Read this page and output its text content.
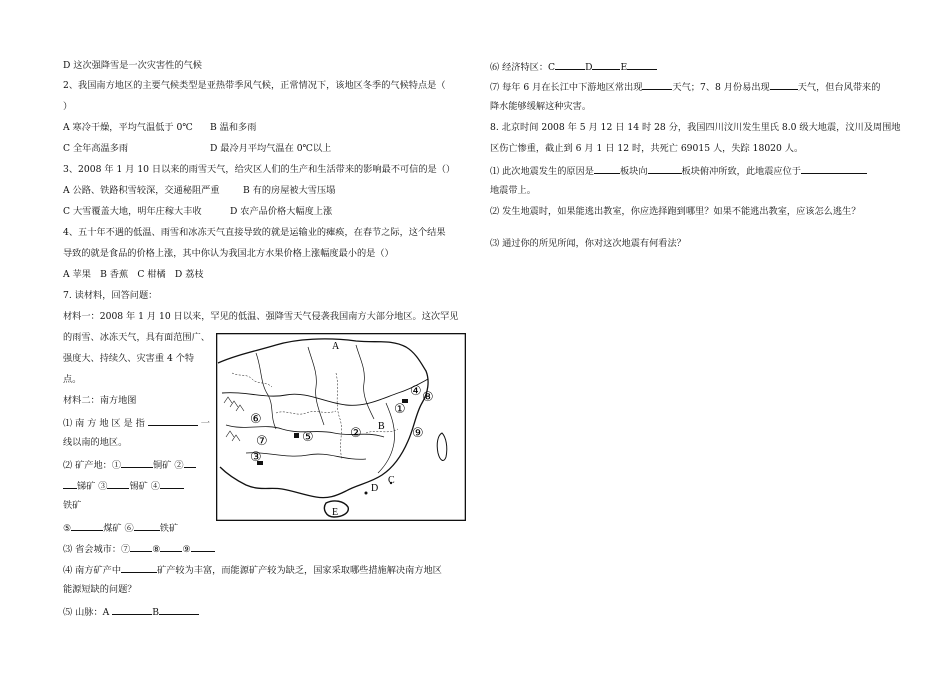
D 这次强降雪是一次灾害性的气候
2、我国南方地区的主要气候类型是亚热带季风气候，正常情况下，该地区冬季的气候特点是（
）
A 寒冷干燥，平均气温低于 0℃ B 温和多雨
C 全年高温多雨	D 最冷月平均气温在 0℃以上
3、2008 年 1 月 10 日以来的雨雪天气，给灾区人们的生产和生活带来的影响最不可信的是（）
A 公路、铁路积雪较深，交通秘阻严重	B 有的房屋被大雪压塌
C 大雪覆盖大地，明年庄稼大丰收	D 农产品价格大幅度上涨
4、五十年不遇的低温、雨雪和冰冻天气直接导致的就是运输业的瘫痪，在春节之际，这个结果
导致的就是食品的价格上涨，其中你认为我国北方水果价格上涨幅度最小的是（）
A 苹果　B 香蕉　C 柑橘　D 荔枝
7. 读材料，回答问题：
材料一：2008 年 1 月 10 日以来，罕见的低温、强降雪天气侵袭我国南方大部分地区。这次罕见
的雨雪、冰冻天气，具有面范围广、
强度大、持续久、灾害重 4 个特
点。
材料二：南方地图
⑴ 南 方 地 区 是 指	一
线以南的地区。
⑵ 矿产地：①	铜矿 ②
锑矿 ③ 锡矿 ④
铁矿
⑤	煤矿 ⑥	铁矿
⑶ 省会城市：⑦ ⑧ ⑨
⑷ 南方矿产中	矿产较为丰富，而能源矿产较为缺乏，国家采取哪些措施解决南方地区
能源短缺的问题？
⑸ 山脉：A	B
A
B
C
D
E
①
②
③
④
⑤
⑥
⑦
⑧
⑨
⑹ 经济特区：C	D	E
⑺ 每年 6 月在长江中下游地区常出现	天气；7、8 月份易出现	天气，但台风带来的
降水能够缓解这种灾害。
8. 北京时间 2008 年 5 月 12 日 14 时 28 分，我国四川汶川发生里氏 8.0 级大地震，汶川及周围地
区伤亡惨重，截止到 6 月 1 日 12 时，共死亡 69015 人，失踪 18020 人。
⑴ 此次地震发生的原因是	板块向	板块俯冲所致，此地震应位于
地震带上。
⑵ 发生地震时，如果能逃出教室，你应选择跑到哪里？如果不能逃出教室，应该怎么逃生？
⑶ 通过你的所见所闻，你对这次地震有何看法？
